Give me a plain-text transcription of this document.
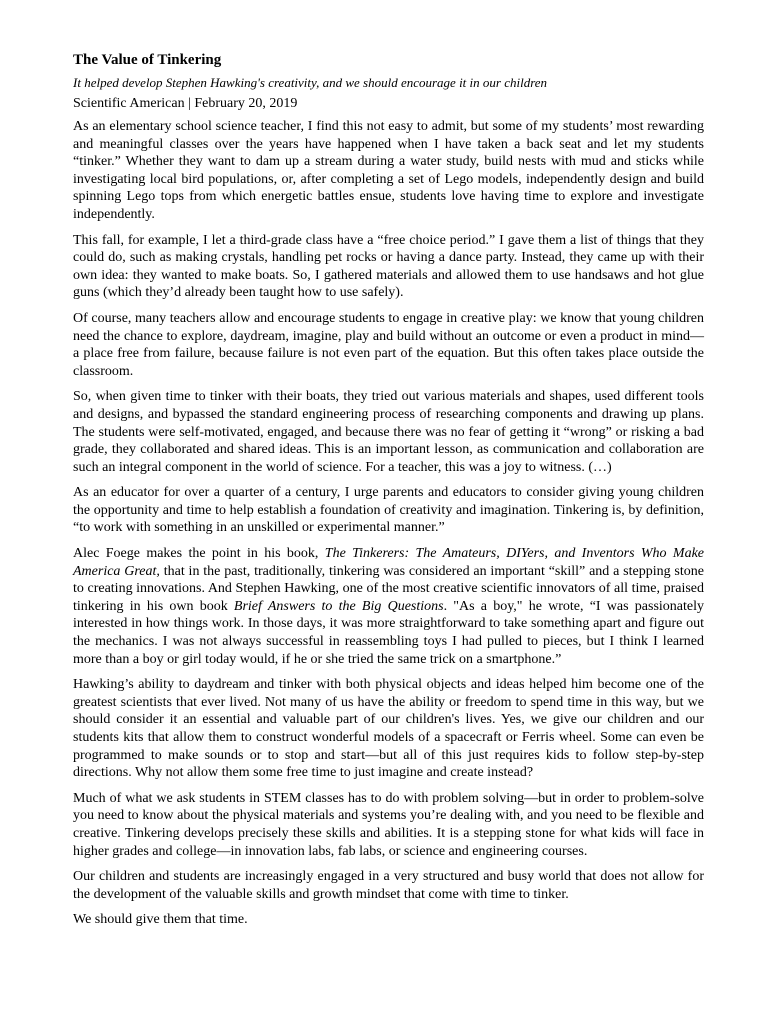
The Value of Tinkering
It helped develop Stephen Hawking's creativity, and we should encourage it in our children
Scientific American | February 20, 2019

As an elementary school science teacher, I find this not easy to admit, but some of my students’ most rewarding and meaningful classes over the years have happened when I have taken a back seat and let my students “tinker.” Whether they want to dam up a stream during a water study, build nests with mud and sticks while investigating local bird populations, or, after completing a set of Lego models, independently design and build spinning Lego tops from which energetic battles ensue, students love having time to explore and investigate independently.

This fall, for example, I let a third-grade class have a “free choice period.” I gave them a list of things that they could do, such as making crystals, handling pet rocks or having a dance party. Instead, they came up with their own idea: they wanted to make boats. So, I gathered materials and allowed them to use handsaws and hot glue guns (which they’d already been taught how to use safely).

Of course, many teachers allow and encourage students to engage in creative play: we know that young children need the chance to explore, daydream, imagine, play and build without an outcome or even a product in mind—a place free from failure, because failure is not even part of the equation. But this often takes place outside the classroom.

So, when given time to tinker with their boats, they tried out various materials and shapes, used different tools and designs, and bypassed the standard engineering process of researching components and drawing up plans. The students were self-motivated, engaged, and because there was no fear of getting it “wrong” or risking a bad grade, they collaborated and shared ideas. This is an important lesson, as communication and collaboration are such an integral component in the world of science. For a teacher, this was a joy to witness. (…)

As an educator for over a quarter of a century, I urge parents and educators to consider giving young children the opportunity and time to help establish a foundation of creativity and imagination. Tinkering is, by definition, “to work with something in an unskilled or experimental manner.”

Alec Foege makes the point in his book, The Tinkerers: The Amateurs, DIYers, and Inventors Who Make America Great, that in the past, traditionally, tinkering was considered an important “skill” and a stepping stone to creating innovations. And Stephen Hawking, one of the most creative scientific innovators of all time, praised tinkering in his own book Brief Answers to the Big Questions. "As a boy," he wrote, “I was passionately interested in how things work. In those days, it was more straightforward to take something apart and figure out the mechanics. I was not always successful in reassembling toys I had pulled to pieces, but I think I learned more than a boy or girl today would, if he or she tried the same trick on a smartphone.”

Hawking’s ability to daydream and tinker with both physical objects and ideas helped him become one of the greatest scientists that ever lived. Not many of us have the ability or freedom to spend time in this way, but we should consider it an essential and valuable part of our children's lives. Yes, we give our children and our students kits that allow them to construct wonderful models of a spacecraft or Ferris wheel. Some can even be programmed to make sounds or to stop and start—but all of this just requires kids to follow step-by-step directions. Why not allow them some free time to just imagine and create instead?

Much of what we ask students in STEM classes has to do with problem solving—but in order to problem-solve you need to know about the physical materials and systems you’re dealing with, and you need to be flexible and creative. Tinkering develops precisely these skills and abilities. It is a stepping stone for what kids will face in higher grades and college—in innovation labs, fab labs, or science and engineering courses.

Our children and students are increasingly engaged in a very structured and busy world that does not allow for the development of the valuable skills and growth mindset that come with time to tinker.

We should give them that time.
